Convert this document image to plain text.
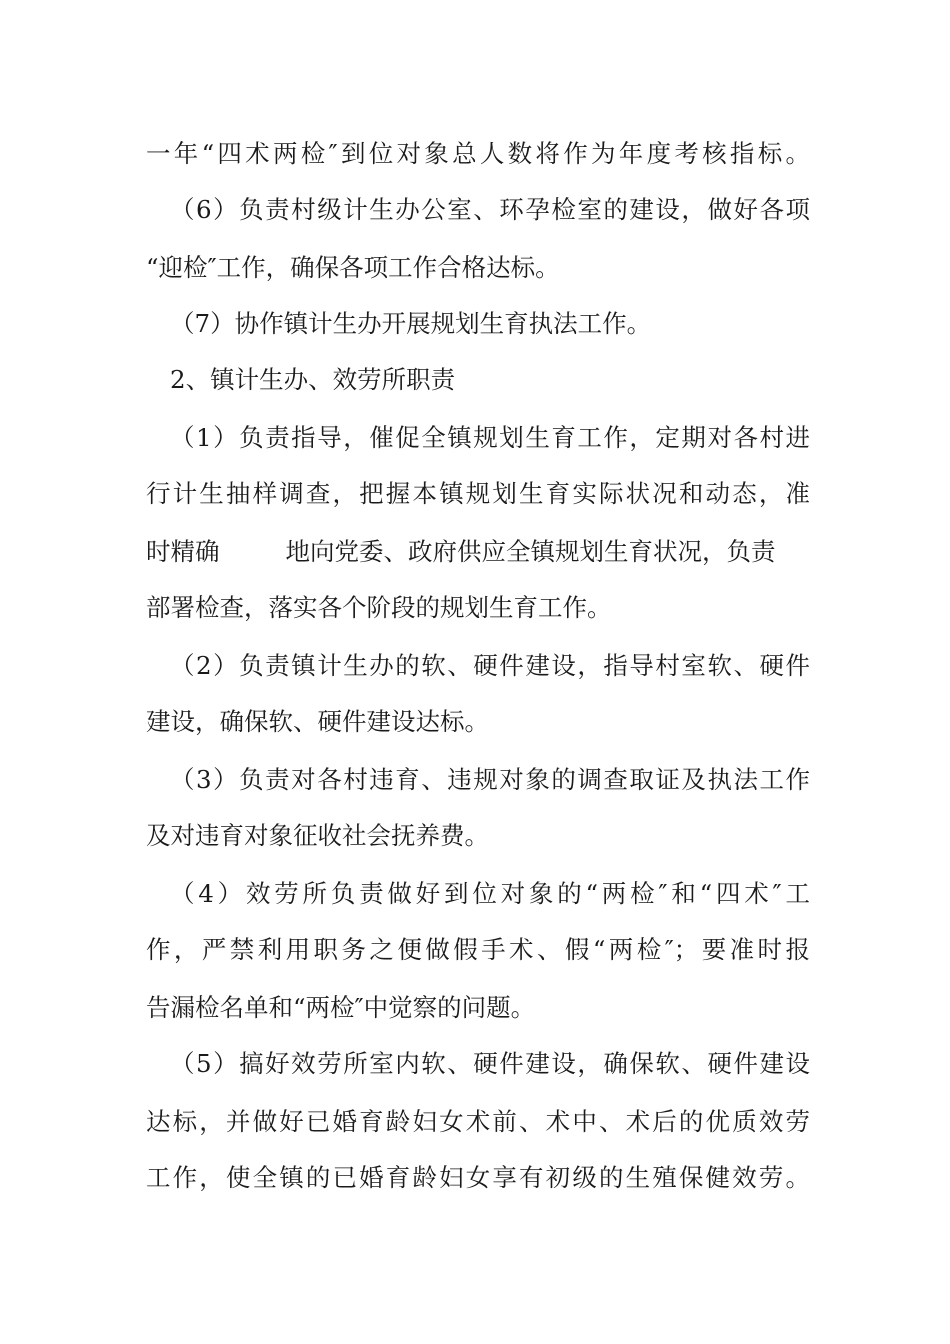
一年“四术两检″到位对象总人数将作为年度考核指标。
（6）负责村级计生办公室、环孕检室的建设，做好各项
“迎检″工作，确保各项工作合格达标。
（7）协作镇计生办开展规划生育执法工作。
2、镇计生办、效劳所职责
（1）负责指导，催促全镇规划生育工作，定期对各村进
行计生抽样调查，把握本镇规划生育实际状况和动态，准
时精确	地向党委、政府供应全镇规划生育状况，负责
部署检查，落实各个阶段的规划生育工作。
（2）负责镇计生办的软、硬件建设，指导村室软、硬件
建设，确保软、硬件建设达标。
（3）负责对各村违育、违规对象的调查取证及执法工作
及对违育对象征收社会抚养费。
（4）效劳所负责做好到位对象的“两检″和“四术″工
作，严禁利用职务之便做假手术、假“两检″；要准时报
告漏检名单和“两检″中觉察的问题。
（5）搞好效劳所室内软、硬件建设，确保软、硬件建设
达标，并做好已婚育龄妇女术前、术中、术后的优质效劳
工作，使全镇的已婚育龄妇女享有初级的生殖保健效劳。
